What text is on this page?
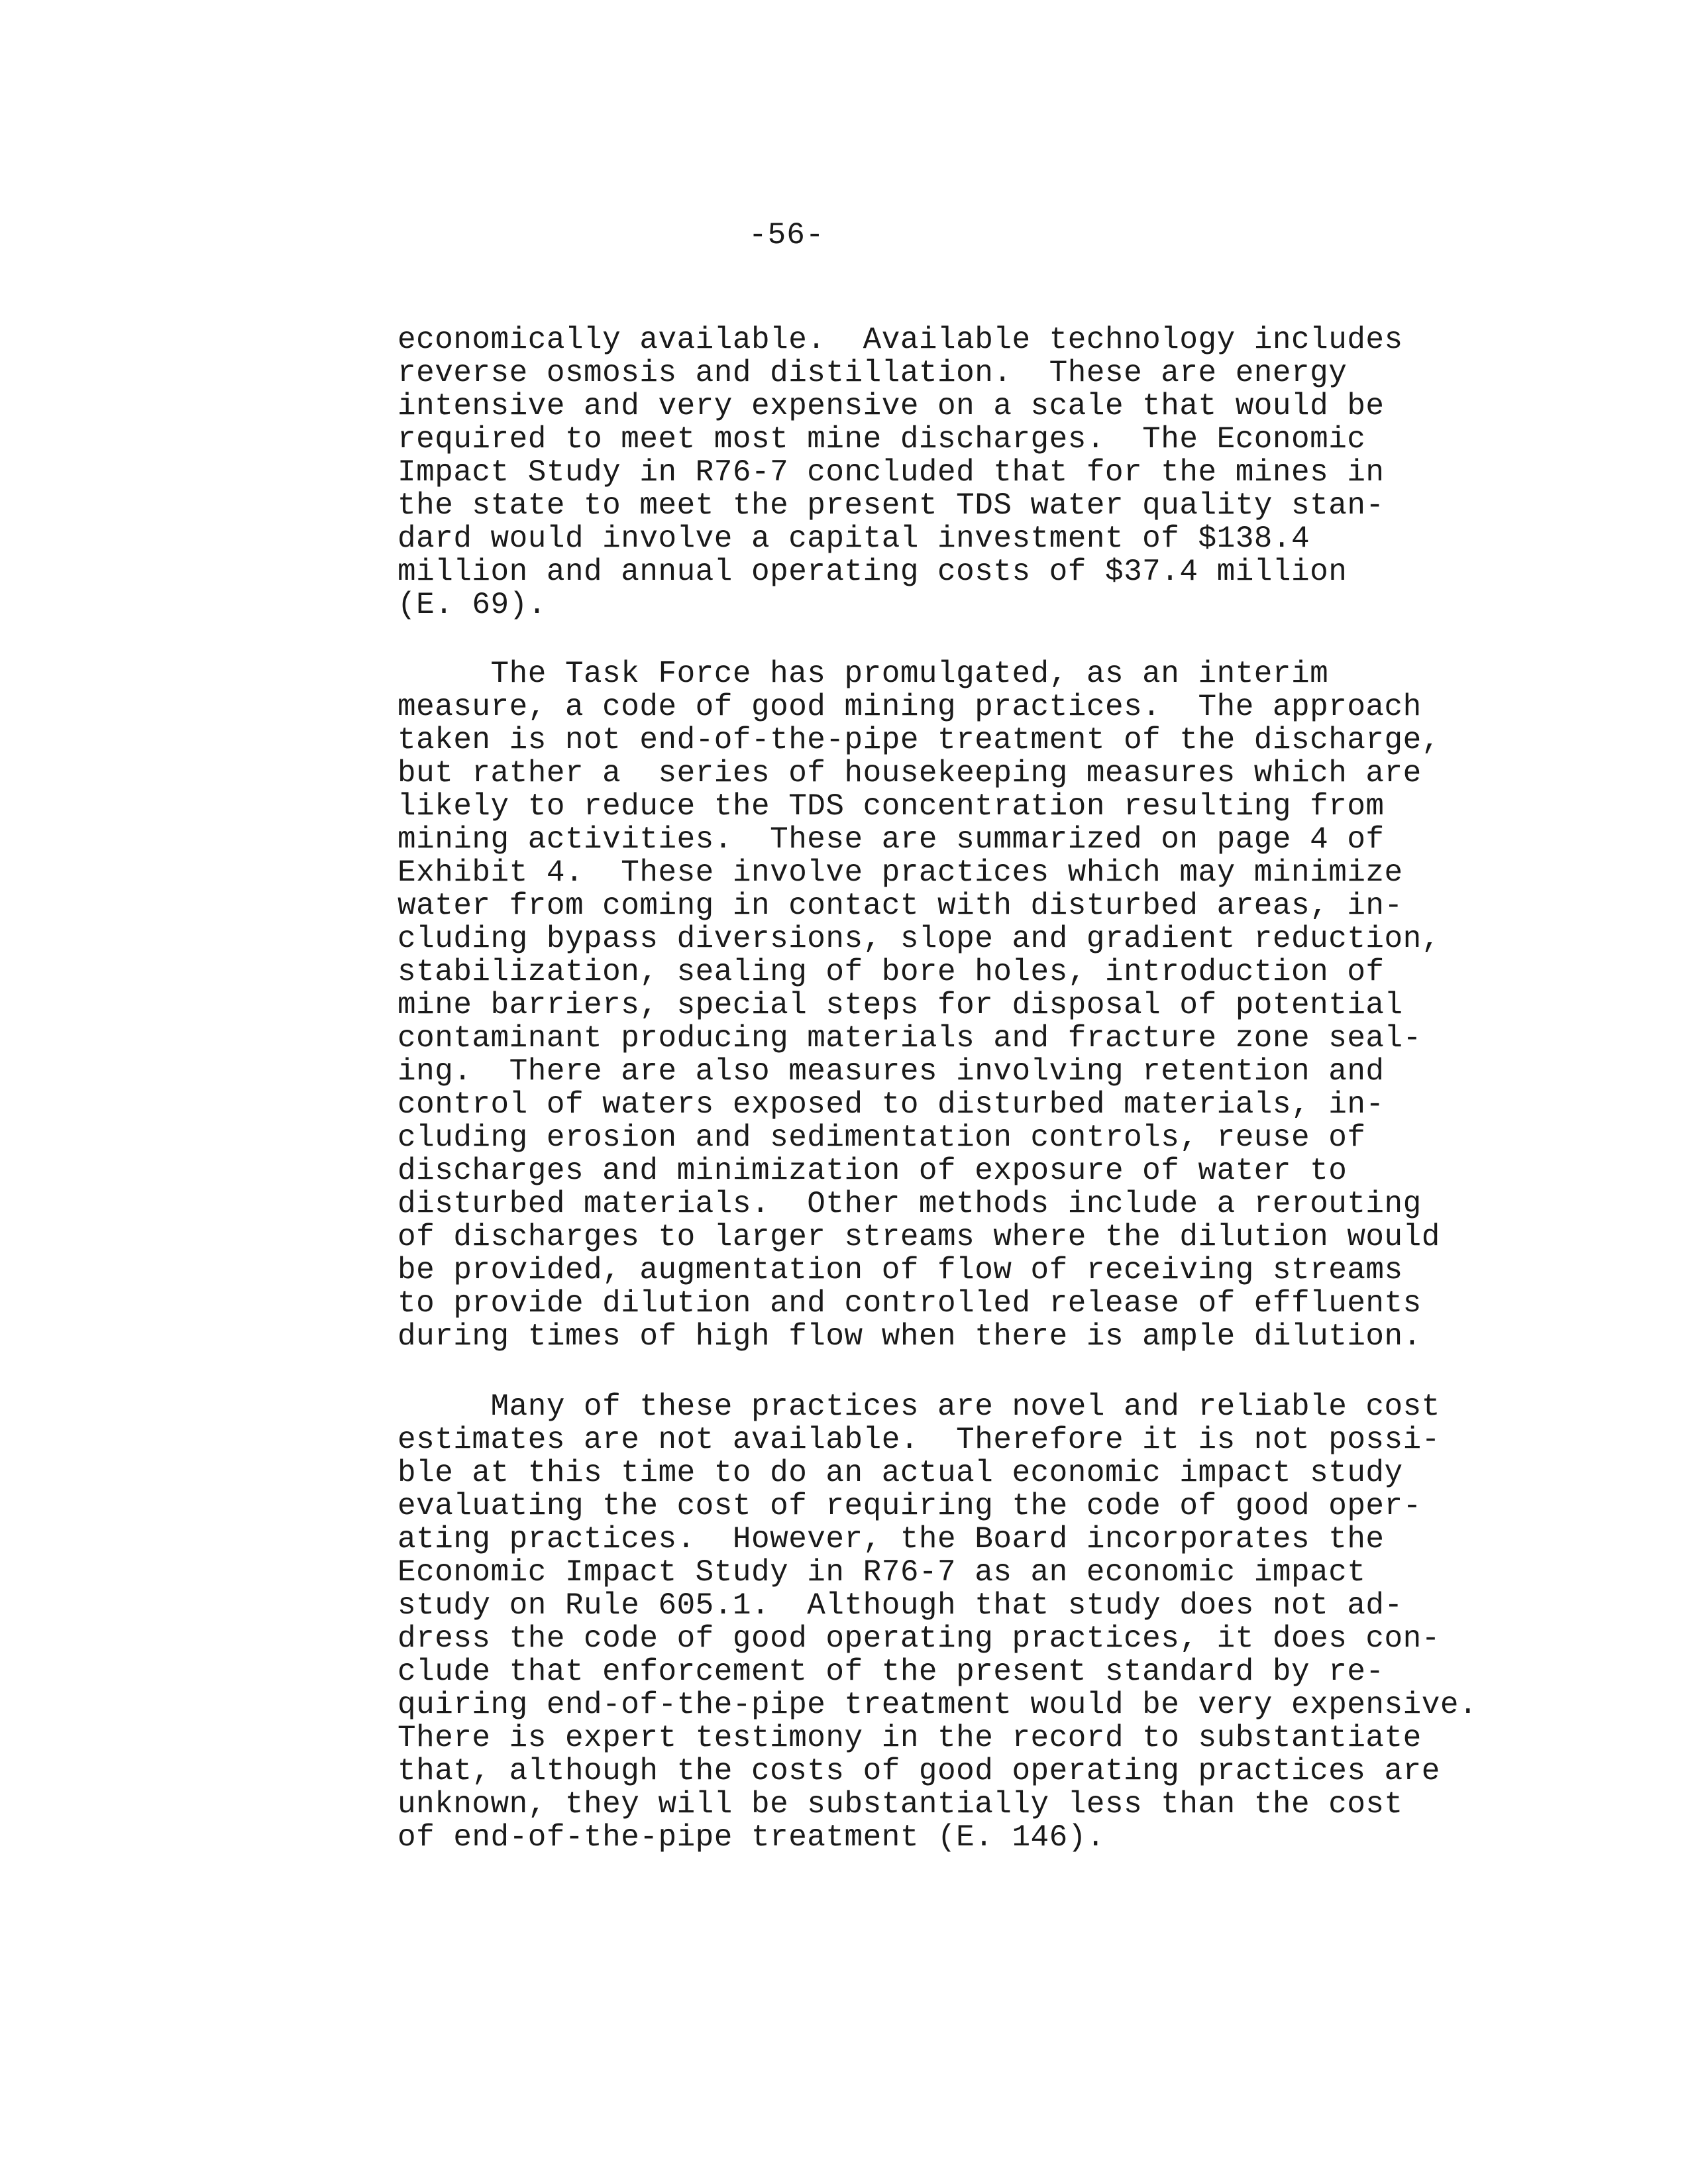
-56-
economically available.  Available technology includes
reverse osmosis and distillation.  These are energy
intensive and very expensive on a scale that would be
required to meet most mine discharges.  The Economic
Impact Study in R76-7 concluded that for the mines in
the state to meet the present TDS water quality stan-
dard would involve a capital investment of $138.4
million and annual operating costs of $37.4 million
(E. 69).
The Task Force has promulgated, as an interim
measure, a code of good mining practices.  The approach
taken is not end-of-the-pipe treatment of the discharge,
but rather a  series of housekeeping measures which are
likely to reduce the TDS concentration resulting from
mining activities.  These are summarized on page 4 of
Exhibit 4.  These involve practices which may minimize
water from coming in contact with disturbed areas, in-
cluding bypass diversions, slope and gradient reduction,
stabilization, sealing of bore holes, introduction of
mine barriers, special steps for disposal of potential
contaminant producing materials and fracture zone seal-
ing.  There are also measures involving retention and
control of waters exposed to disturbed materials, in-
cluding erosion and sedimentation controls, reuse of
discharges and minimization of exposure of water to
disturbed materials.  Other methods include a rerouting
of discharges to larger streams where the dilution would
be provided, augmentation of flow of receiving streams
to provide dilution and controlled release of effluents
during times of high flow when there is ample dilution.
Many of these practices are novel and reliable cost
estimates are not available.  Therefore it is not possi-
ble at this time to do an actual economic impact study
evaluating the cost of requiring the code of good oper-
ating practices.  However, the Board incorporates the
Economic Impact Study in R76-7 as an economic impact
study on Rule 605.1.  Although that study does not ad-
dress the code of good operating practices, it does con-
clude that enforcement of the present standard by re-
quiring end-of-the-pipe treatment would be very expensive.
There is expert testimony in the record to substantiate
that, although the costs of good operating practices are
unknown, they will be substantially less than the cost
of end-of-the-pipe treatment (E. 146).
